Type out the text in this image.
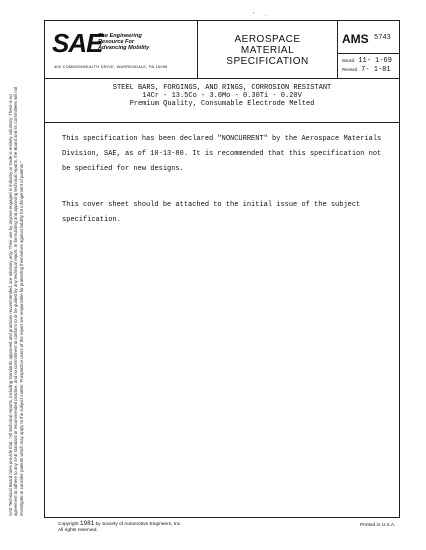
' .
SAE
The Engineering
Resource For
Advancing Mobility
400 COMMONWEALTH DRIVE, WARRENDALE, PA 15096
AEROSPACE
MATERIAL
SPECIFICATION
AMS 5743
Issued 11- 1-69
Revised 7- 1-81
STEEL BARS, FORGINGS, AND RINGS, CORROSION RESISTANT
14Cr - 13.5Co - 3.0Mo - 0.30Ti - 0.20V
Premium Quality, Consumable Electrode Melted
This specification has been declared "NONCURRENT" by the Aerospace Materials Division, SAE, as of 10-13-80. It is recommended that this specification not be specified for new designs.
This cover sheet should be attached to the initial issue of the subject specification.
SAE Technical Board rules provide that: "All technical reports, including standards approved and practices recommended, are advisory only. Their use by anyone engaged in industry or trade is entirely voluntary. There is no agreement to adhere to any SAE standard or recommended practice, and no commitment to conform to or be guided by any technical report. In formulating and approving technical reports, the Board and its Committees will not investigate or consider patents which may apply to the subject matter. Prospective users of the report are responsible for protecting themselves against liability for infringement of patents."
Copyright 1981 by Society of Automotive Engineers, Inc.
All rights reserved.
Printed in U.S.A.
